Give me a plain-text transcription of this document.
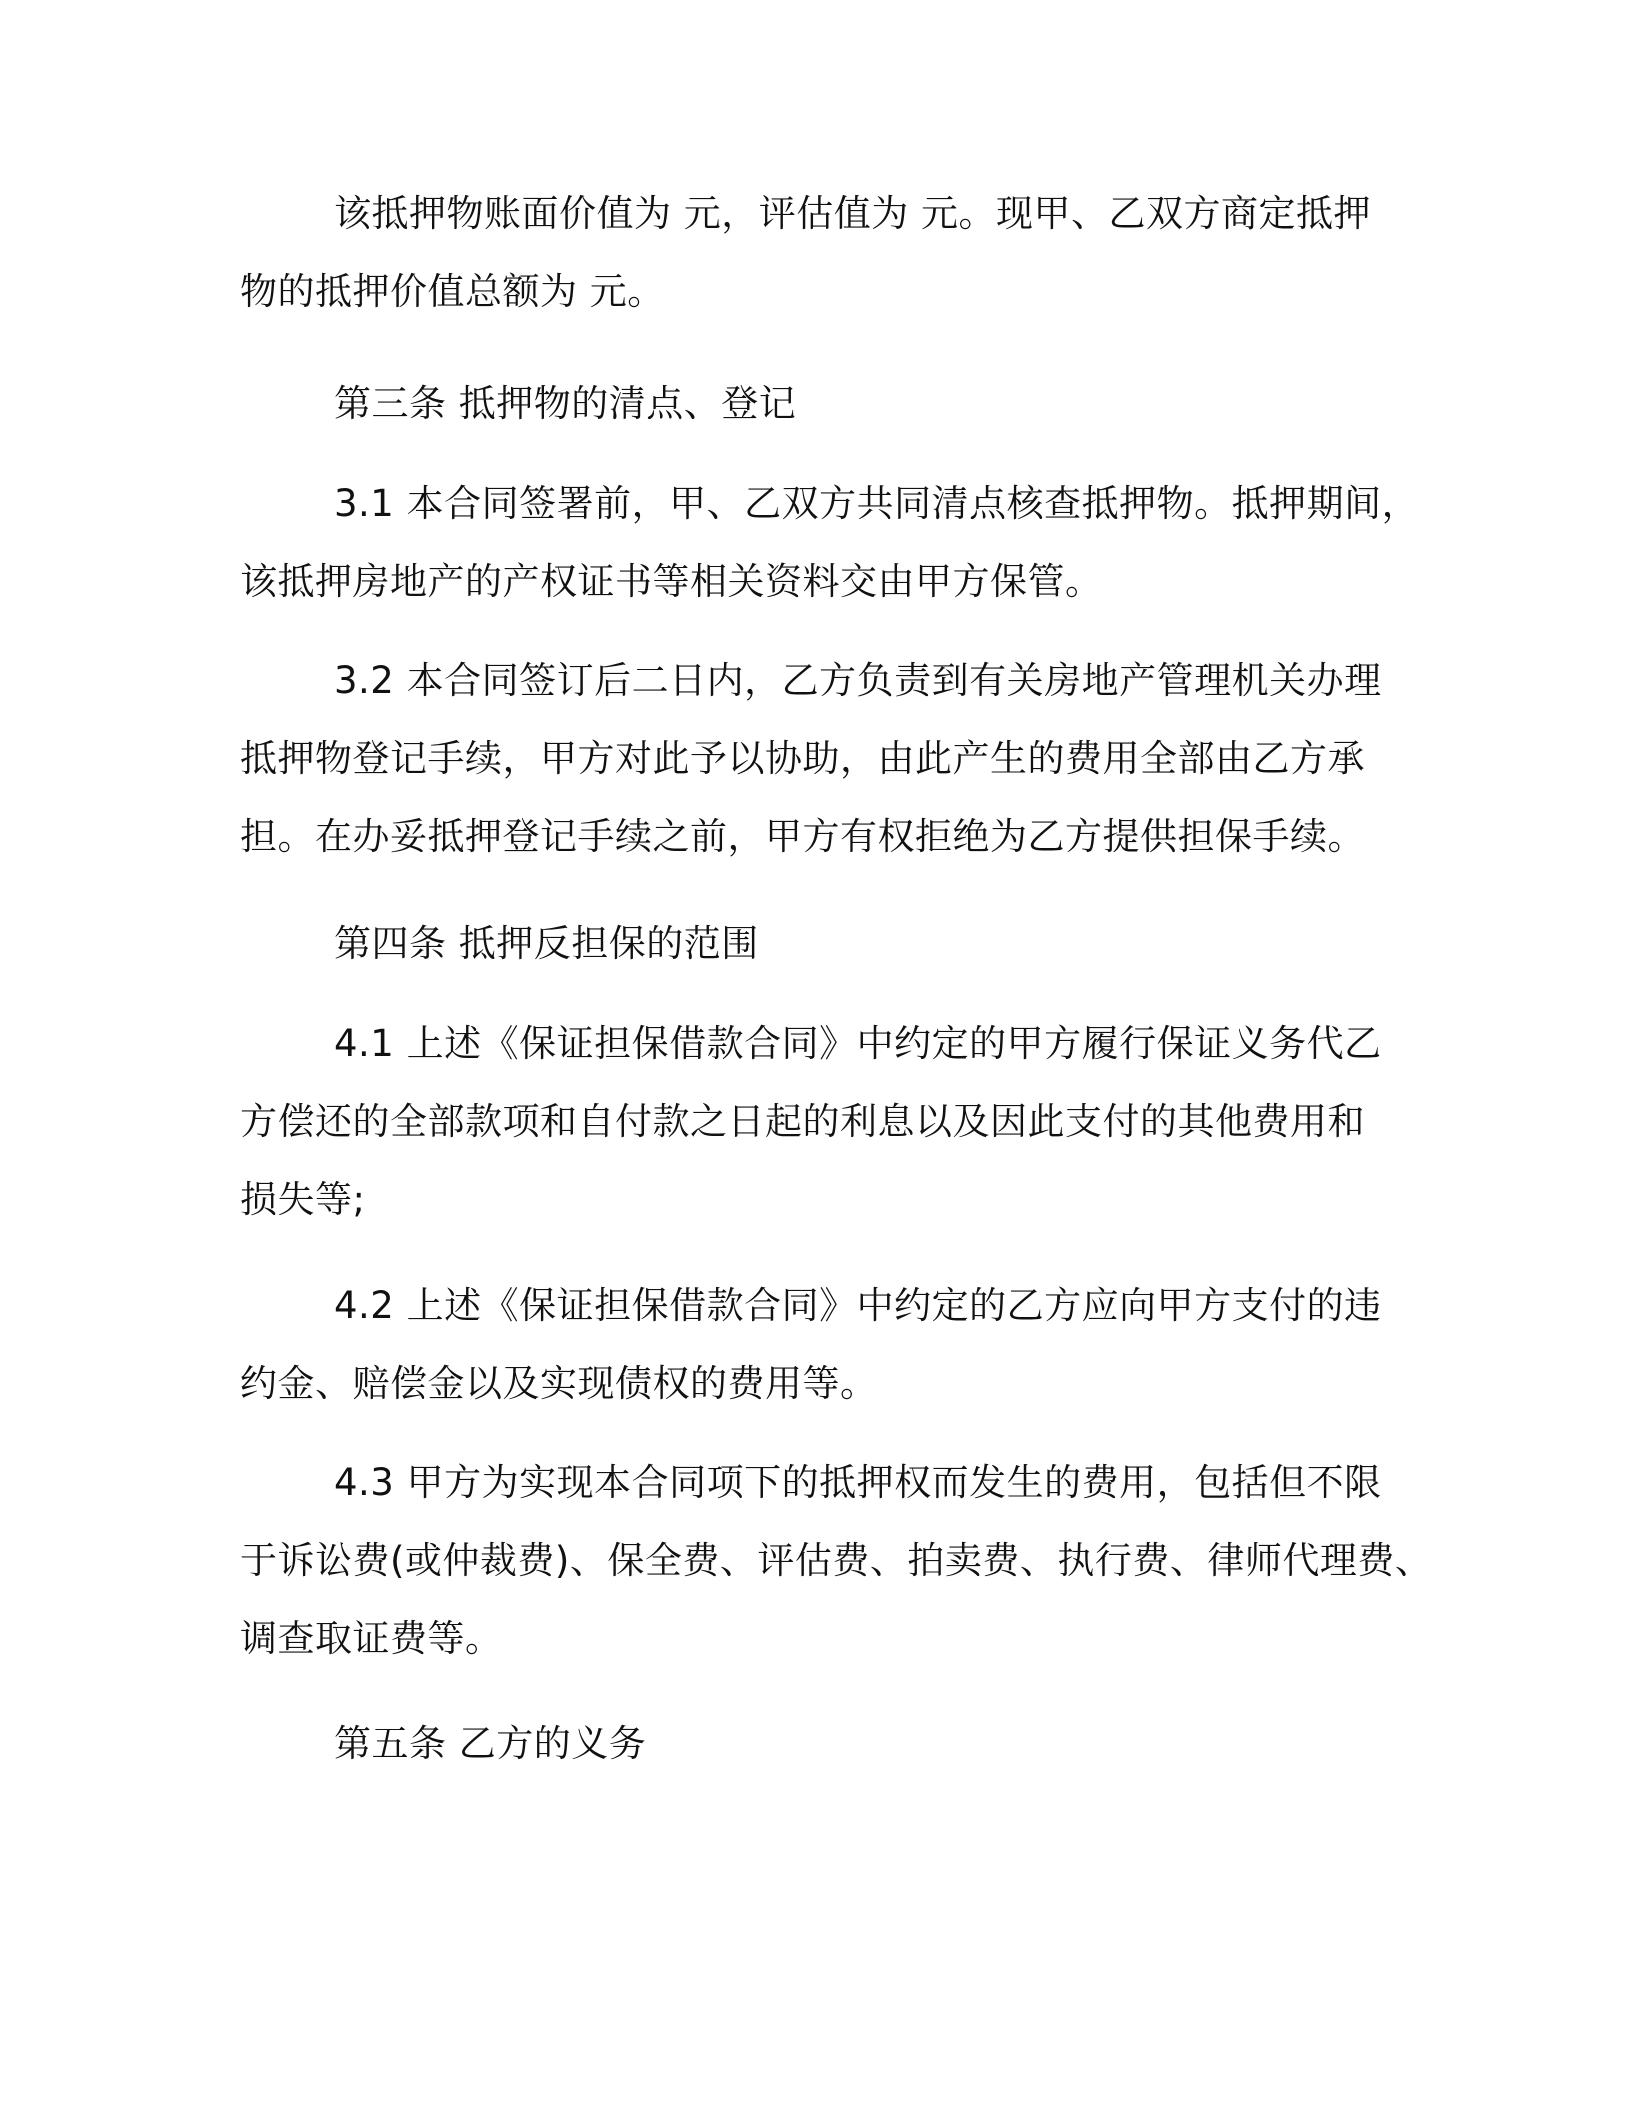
该抵押物账面价值为 元，评估值为 元。现甲、乙双方商定抵押
物的抵押价值总额为 元。
第三条 抵押物的清点、登记
3.1 本合同签署前，甲、乙双方共同清点核查抵押物。抵押期间，
该抵押房地产的产权证书等相关资料交由甲方保管。
3.2 本合同签订后二日内，乙方负责到有关房地产管理机关办理
抵押物登记手续，甲方对此予以协助，由此产生的费用全部由乙方承
担。在办妥抵押登记手续之前，甲方有权拒绝为乙方提供担保手续。
第四条 抵押反担保的范围
4.1 上述《保证担保借款合同》中约定的甲方履行保证义务代乙
方偿还的全部款项和自付款之日起的利息以及因此支付的其他费用和
损失等;
4.2 上述《保证担保借款合同》中约定的乙方应向甲方支付的违
约金、赔偿金以及实现债权的费用等。
4.3 甲方为实现本合同项下的抵押权而发生的费用，包括但不限
于诉讼费(或仲裁费)、保全费、评估费、拍卖费、执行费、律师代理费、
调查取证费等。
第五条 乙方的义务
